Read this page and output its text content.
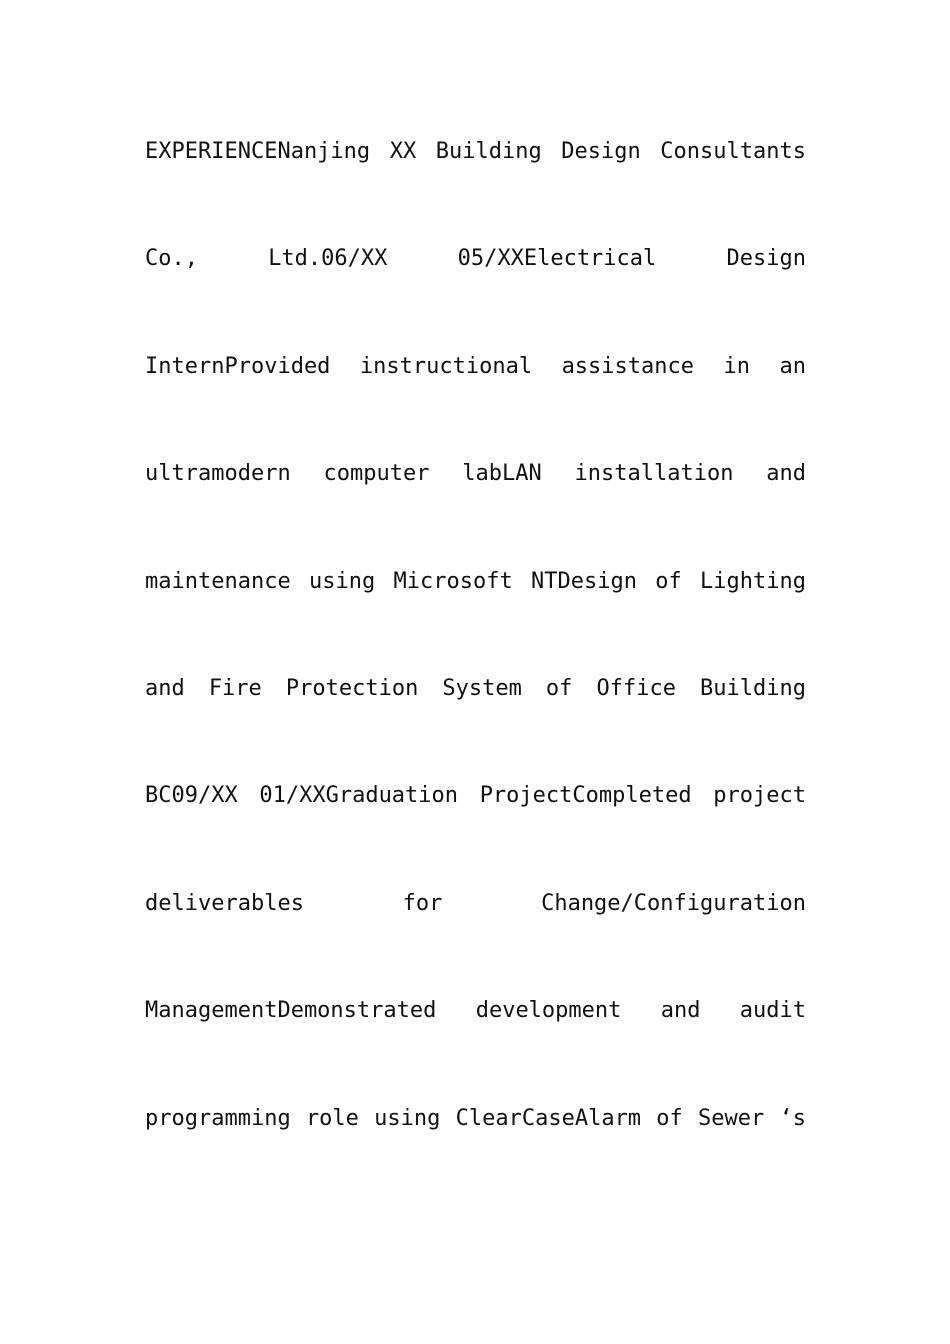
EXPERIENCENanjing XX Building Design Consultants
Co.,	Ltd.06/XX	05/XXElectrical	Design
InternProvided instructional assistance in an
ultramodern computer labLAN installation and
maintenance using Microsoft NTDesign of Lighting
and Fire Protection System of Office Building
BC09/XX 01/XXGraduation ProjectCompleted project
deliverables	for	Change/Configuration
ManagementDemonstrated development and audit
programming role using ClearCaseAlarm of Sewer ‘s
